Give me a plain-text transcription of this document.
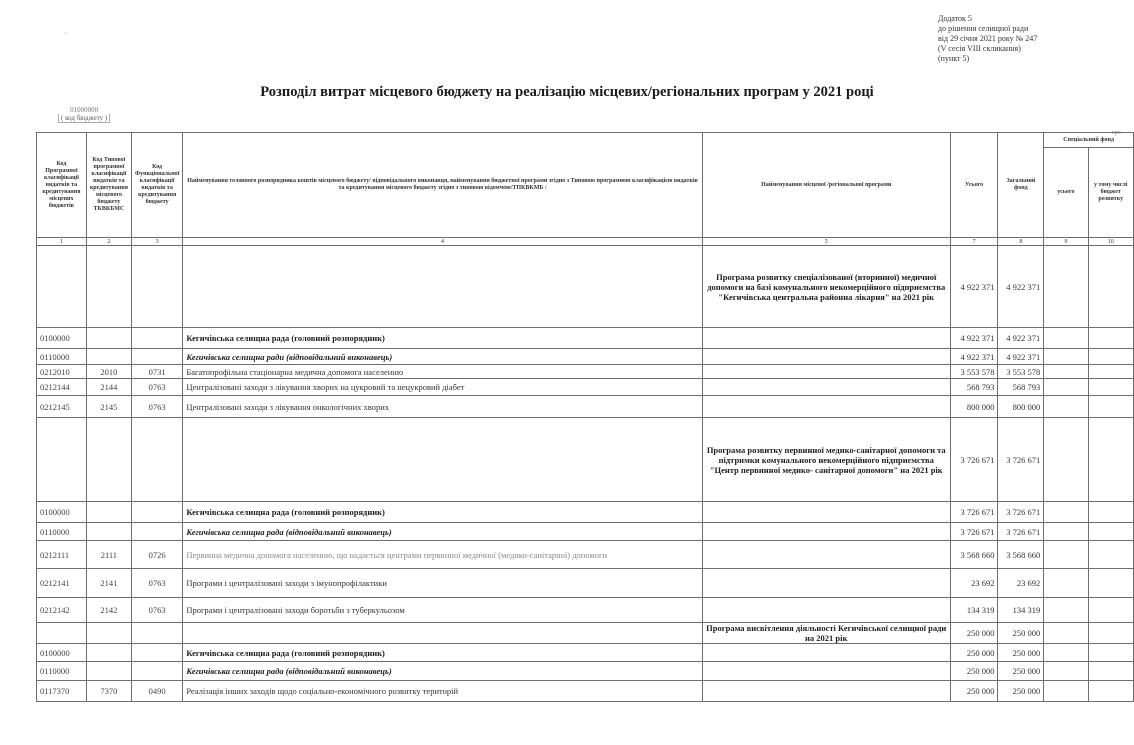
·
Додаток 5
до рішення селищної ради
від 29 січня 2021 року № 247
(V сесія VIII скликання)
(пункт 5)
Розподіл витрат місцевого бюджету на реалізацію місцевих/регіональних програм у 2021 році
01000000
( код бюджету )
грн
Код Програмної класифікації видатків та кредитування місцевих бюджетів	Код Типової програмної класифікації видатків та кредитування місцевого бюджету ТКВКБМС	Код Функціональної класифікації видатків та кредитування бюджету	Найменування головного розпорядника коштів місцевого бюджету/ відповідального виконавця, найменування бюджетної програми згідно з Типовою програмною класифікацією видатків та кредитування місцевого бюджету згідно з типовою відомчою/ТПКВКМБ /	Найменування місцевої /регіональної програми	Усього	Загальний фонд	Спеціальний фонд	
							усього	у тому числі бюджет розвитку
1	2	3	4	5	7	8	9	10
				Програма розвитку спеціалізованої (вторинної) медичної допомоги на базі комунального некомерційного підприємства "Кегичівська центральна районна лікарня" на 2021 рік	4 922 371	4 922 371		
0100000			Кегичівська селищна рада (головний розпорядник)		4 922 371	4 922 371		
0110000			Кегичівська селищна ради (відповідальний виконавець)		4 922 371	4 922 371		
0212010	2010	0731	Багатопрофільна стаціонарна медична допомога населенню		3 553 578	3 553 578		
0212144	2144	0763	Централізовані заходи з лікування хворих на цукровий та нецукровий діабет		568 793	568 793		
0212145	2145	0763	Централізовані заходи з лікування онкологічних хворих		800 000	800 000		
				Програма розвитку первинної медико-санітарної допомоги та підтримки комунального некомерційного підприємства "Центр первинної медико- санітарної допомоги" на 2021 рік	3 726 671	3 726 671		
0100000			Кегичівська селищна рада (головний розпорядник)		3 726 671	3 726 671		
0110000			Кегичівська селищна рада (відповідальний виконавець)		3 726 671	3 726 671		
0212111	2111	0726	Первинна медична допомога населенню, що надається центрами первинної медичної (медико-санітарної) допомоги		3 568 660	3 568 660		
0212141	2141	0763	Програми і централізовані заходи з імунопрофілактики		23 692	23 692		
0212142	2142	0763	Програми і централізовані заходи боротьби з туберкульозом		134 319	134 319		
				Програма висвітлення діяльності Кегичівської селищної ради на 2021 рік	250 000	250 000		
0100000			Кегичівська селищна рада (головний розпорядник)		250 000	250 000		
0110000			Кегичівська селищна рада (відповідальний виконавець)		250 000	250 000		
0117370	7370	0490	Реалізація інших заходів щодо соціально-економічного розвитку територій		250 000	250 000		
